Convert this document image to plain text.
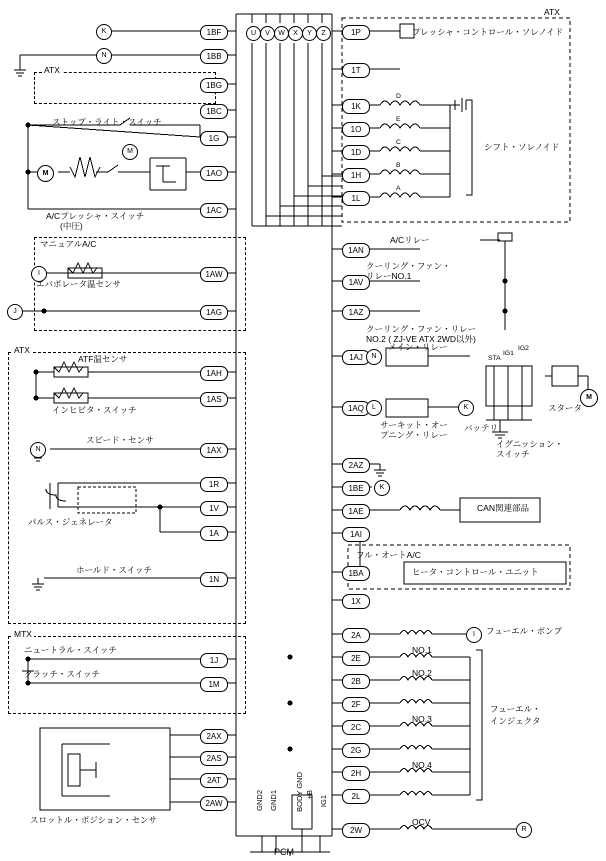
ATX
ATX
ATX
MTX
1BF
1BB
1BG
1BC
1G
1AO
1AC
1AW
1AG
1AH
1AS
1AX
1R
1V
1A
1N
1J
1M
2AX
2AS
2AT
2AW
1P
1T
1K
1O
1D
1H
1L
1AN
1AV
1AZ
1AJ
1AQ
2AZ
1BE
1AE
1AI
1BA
1X
2A
2E
2B
2F
2C
2G
2H
2L
2W
U	V	W	X	Y	Z
K
N
M
M
I
J
N
N
L	K
K
I
R
M
D
E
C
B
A
ストップ・ライト・スイッチ
A/Cプレッシャ・スイッチ
(中圧)
マニュアルA/C
エバポレータ温センサ
ATF温センサ
インヒビタ・スイッチ
スピード・センサ
パルス・ジェネレータ
ホールド・スイッチ
ニュートラル・スイッチ
クラッチ・スイッチ
スロットル・ポジション・センサ
プレッシャ・コントロール・ソレノイド
シフト・ソレノイド
A/Cリレー
クーリング・ファン・
リレーNO.1
クーリング・ファン・リレー
NO.2 ( ZJ-VE ATX 2WD以外)
メイン・リレー
サーキット・オー
プニング・リレー
バッテリ
スタータ
イグニッション・
スイッチ
STA
IG1
IG2
CAN関連部品
フル・オートA/C
ヒータ・コントロール・ユニット
フューエル・ポンプ
フューエル・
インジェクタ
OCV
NO.1
NO.2
NO.3
NO.4
GND2 GND1 BODY GND +B
IG1
PCM
